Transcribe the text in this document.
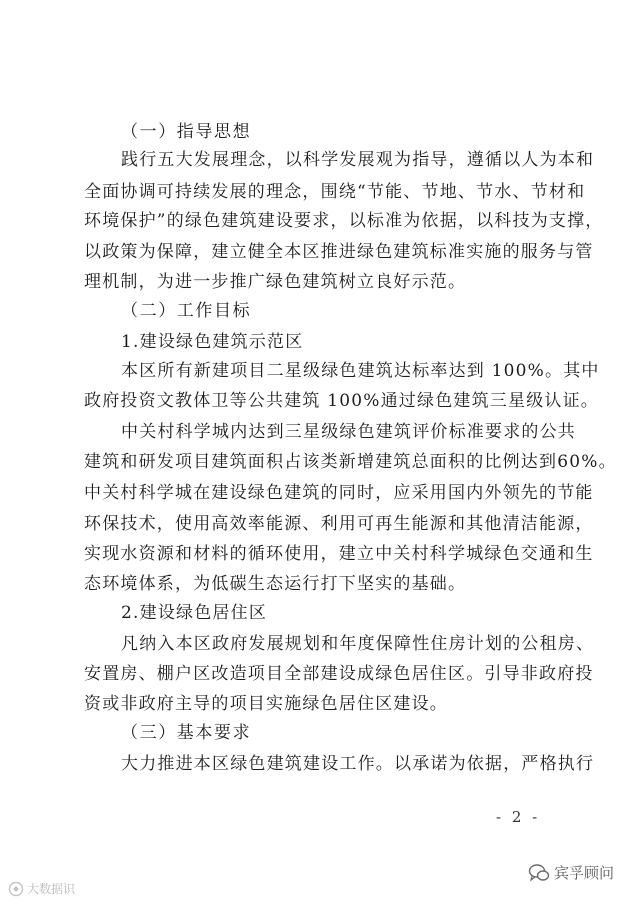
（一）指导思想
践行五大发展理念，以科学发展观为指导，遵循以人为本和
全面协调可持续发展的理念，围绕“节能、节地、节水、节材和
环境保护”的绿色建筑建设要求，以标准为依据，以科技为支撑，
以政策为保障，建立健全本区推进绿色建筑标准实施的服务与管
理机制，为进一步推广绿色建筑树立良好示范。
（二）工作目标
1.建设绿色建筑示范区
本区所有新建项目二星级绿色建筑达标率达到 100%。其中
政府投资文教体卫等公共建筑 100%通过绿色建筑三星级认证。
中关村科学城内达到三星级绿色建筑评价标准要求的公共
建筑和研发项目建筑面积占该类新增建筑总面积的比例达到60%。
中关村科学城在建设绿色建筑的同时，应采用国内外领先的节能
环保技术，使用高效率能源、利用可再生能源和其他清洁能源，
实现水资源和材料的循环使用，建立中关村科学城绿色交通和生
态环境体系，为低碳生态运行打下坚实的基础。
2.建设绿色居住区
凡纳入本区政府发展规划和年度保障性住房计划的公租房、
安置房、棚户区改造项目全部建设成绿色居住区。引导非政府投
资或非政府主导的项目实施绿色居住区建设。
（三）基本要求
大力推进本区绿色建筑建设工作。以承诺为依据，严格执行
- 2 -
大数据识
宾孚顾问
